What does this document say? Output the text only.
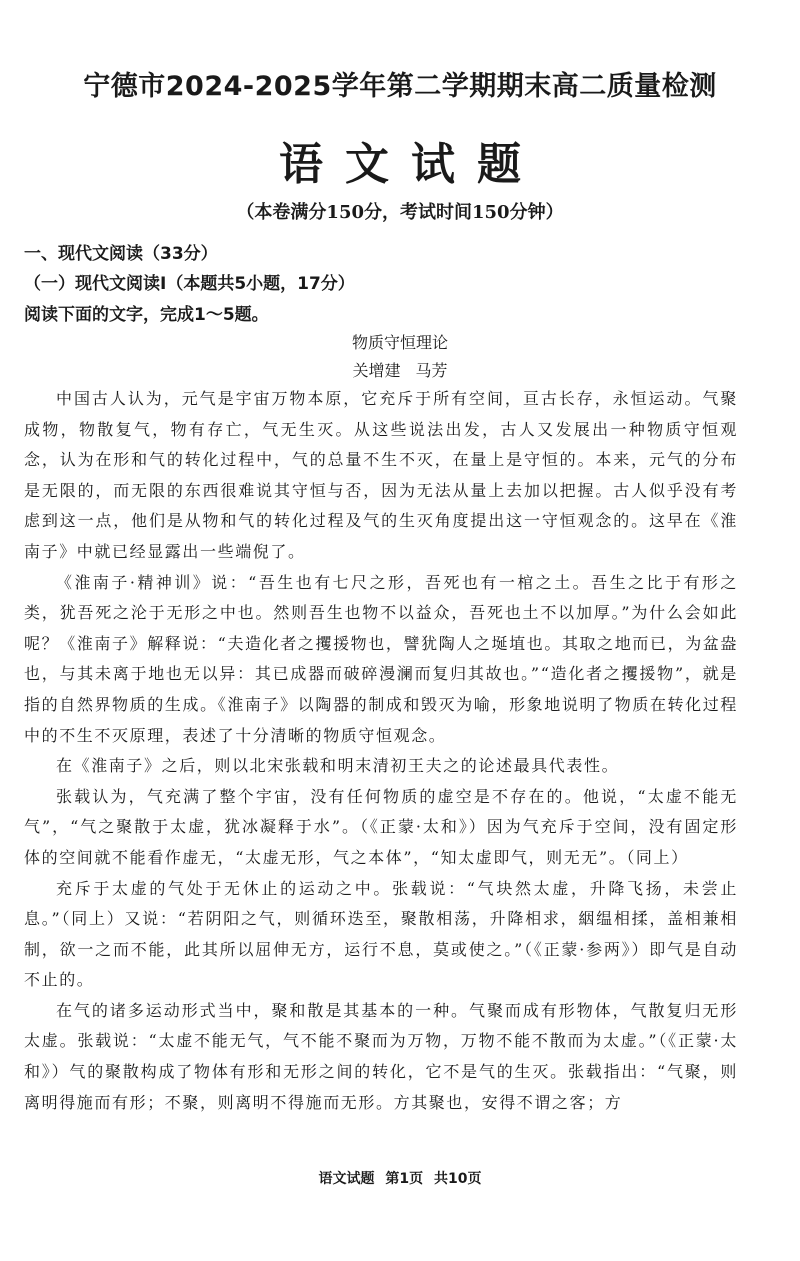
宁德市2024-2025学年第二学期期末高二质量检测
语文试题
（本卷满分150分，考试时间150分钟）
一、现代文阅读（33分）
（一）现代文阅读Ⅰ（本题共5小题，17分）
阅读下面的文字，完成1～5题。
物质守恒理论
关增建 马芳

中国古人认为，元气是宇宙万物本原，它充斥于所有空间，亘古长存，永恒运动。气聚成物，物散复气，物有存亡，气无生灭。从这些说法出发，古人又发展出一种物质守恒观念，认为在形和气的转化过程中，气的总量不生不灭，在量上是守恒的。本来，元气的分布是无限的，而无限的东西很难说其守恒与否，因为无法从量上去加以把握。古人似乎没有考虑到这一点，他们是从物和气的转化过程及气的生灭角度提出这一守恒观念的。这早在《淮南子》中就已经显露出一些端倪了。

《淮南子·精神训》说：“吾生也有七尺之形，吾死也有一棺之土。吾生之比于有形之类，犹吾死之沦于无形之中也。然则吾生也物不以益众，吾死也土不以加厚。”为什么会如此呢？《淮南子》解释说：“夫造化者之攫援物也，譬犹陶人之埏埴也。其取之地而已，为盆盎也，与其未离于地也无以异：其已成器而破碎漫澜而复归其故也。”“造化者之攫援物”，就是指的自然界物质的生成。《淮南子》以陶器的制成和毁灭为喻，形象地说明了物质在转化过程中的不生不灭原理，表述了十分清晰的物质守恒观念。

在《淮南子》之后，则以北宋张载和明末清初王夫之的论述最具代表性。

张载认为，气充满了整个宇宙，没有任何物质的虚空是不存在的。他说，“太虚不能无气”，“气之聚散于太虚，犹冰凝释于水”。（《正蒙·太和》）因为气充斥于空间，没有固定形体的空间就不能看作虚无，“太虚无形，气之本体”，“知太虚即气，则无无”。（同上）

充斥于太虚的气处于无休止的运动之中。张载说：“气块然太虚，升降飞扬，未尝止息。”（同上）又说：“若阴阳之气，则循环迭至，聚散相荡，升降相求，絪缊相揉，盖相兼相制，欲一之而不能，此其所以屈伸无方，运行不息，莫或使之。”（《正蒙·参两》）即气是自动不止的。

在气的诸多运动形式当中，聚和散是其基本的一种。气聚而成有形物体，气散复归无形太虚。张载说：“太虚不能无气，气不能不聚而为万物，万物不能不散而为太虚。”（《正蒙·太和》）气的聚散构成了物体有形和无形之间的转化，它不是气的生灭。张载指出：“气聚，则离明得施而有形；不聚，则离明不得施而无形。方其聚也，安得不谓之客；方

语文试题 第1页 共10页
